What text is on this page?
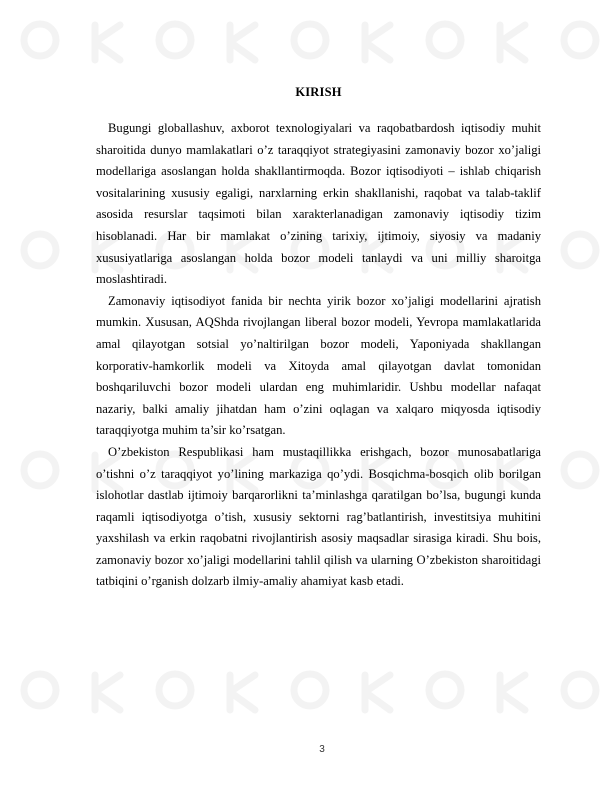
KIRISH

Bugungi globallashuv, axborot texnologiyalari va raqobatbardosh iqtisodiy muhit sharoitida dunyo mamlakatlari o’z taraqqiyot strategiyasini zamonaviy bozor xo’jaligi modellariga asoslangan holda shakllantirmoqda. Bozor iqtisodiyoti – ishlab chiqarish vositalarining xususiy egaligi, narxlarning erkin shakllanishi, raqobat va talab-taklif asosida resurslar taqsimoti bilan xarakterlanadigan zamonaviy iqtisodiy tizim hisoblanadi. Har bir mamlakat o’zining tarixiy, ijtimoiy, siyosiy va madaniy xususiyatlariga asoslangan holda bozor modeli tanlaydi va uni milliy sharoitga moslashtiradi.

Zamonaviy iqtisodiyot fanida bir nechta yirik bozor xo’jaligi modellarini ajratish mumkin. Xususan, AQShda rivojlangan liberal bozor modeli, Yevropa mamlakatlarida amal qilayotgan sotsial yo’naltirilgan bozor modeli, Yaponiyada shakllangan korporativ-hamkorlik modeli va Xitoyda amal qilayotgan davlat tomonidan boshqariluvchi bozor modeli ulardan eng muhimlaridir. Ushbu modellar nafaqat nazariy, balki amaliy jihatdan ham o’zini oqlagan va xalqaro miqyosda iqtisodiy taraqqiyotga muhim ta’sir ko’rsatgan.

O’zbekiston Respublikasi ham mustaqillikka erishgach, bozor munosabatlariga o’tishni o’z taraqqiyot yo’lining markaziga qo’ydi. Bosqichma-bosqich olib borilgan islohotlar dastlab ijtimoiy barqarorlikni ta’minlashga qaratilgan bo’lsa, bugungi kunda raqamli iqtisodiyotga o’tish, xususiy sektorni rag’batlantirish, investitsiya muhitini yaxshilash va erkin raqobatni rivojlantirish asosiy maqsadlar sirasiga kiradi. Shu bois, zamonaviy bozor xo’jaligi modellarini tahlil qilish va ularning O’zbekiston sharoitidagi tatbiqini o’rganish dolzarb ilmiy-amaliy ahamiyat kasb etadi.

3
